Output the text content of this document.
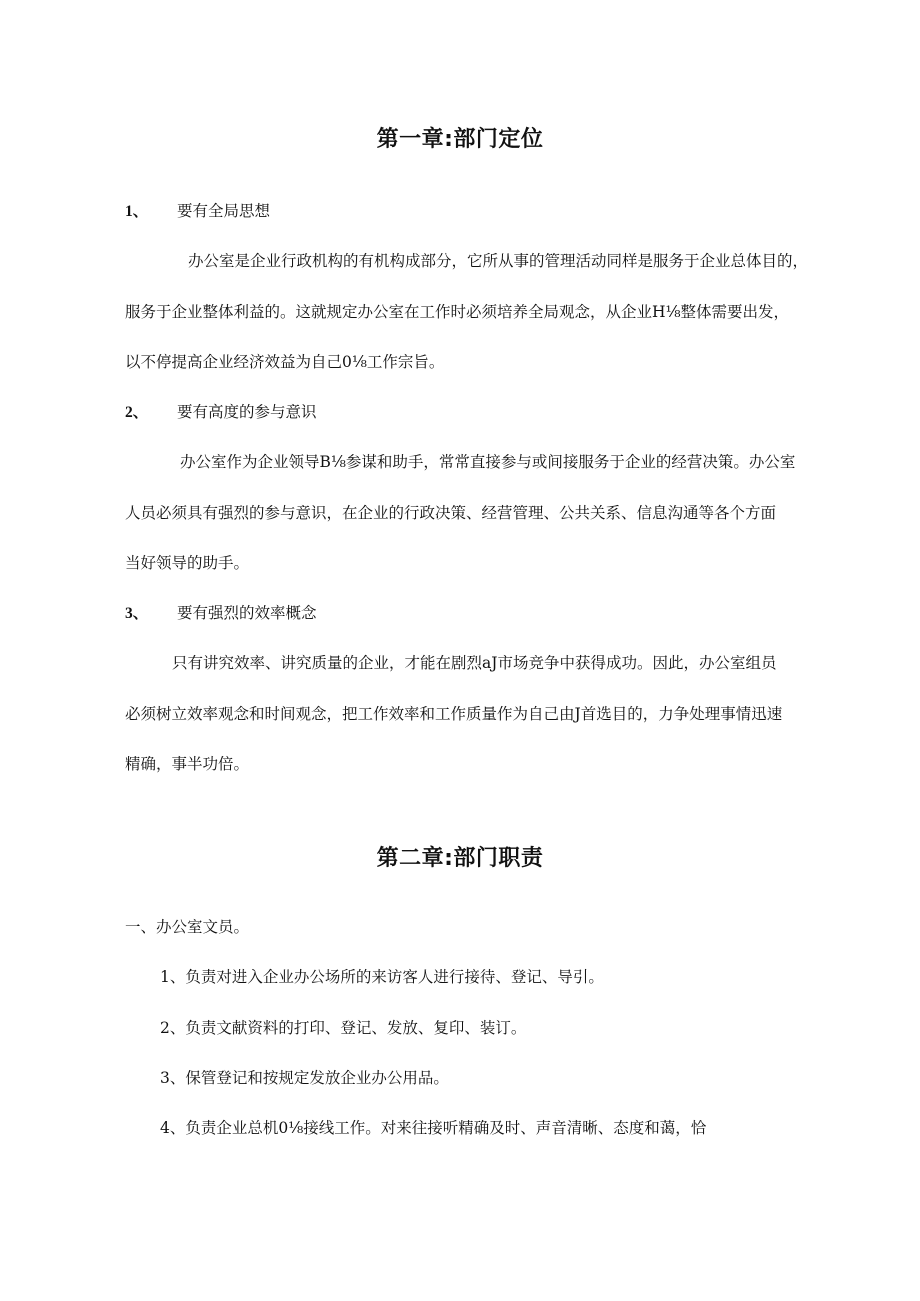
第一章:部门定位
1、 要有全局思想

办公室是企业行政机构的有机构成部分，它所从事的管理活动同样是服务于企业总体目的，

服务于企业整体利益的。这就规定办公室在工作时必须培养全局观念，从企业H⅛整体需要出发，

以不停提高企业经济效益为自己0⅛工作宗旨。

2、 要有高度的参与意识

办公室作为企业领导B⅛参谋和助手，常常直接参与或间接服务于企业的经营决策。办公室

人员必须具有强烈的参与意识，在企业的行政决策、经营管理、公共关系、信息沟通等各个方面

当好领导的助手。

3、 要有强烈的效率概念

只有讲究效率、讲究质量的企业，才能在剧烈aJ市场竞争中获得成功。因此，办公室组员

必须树立效率观念和时间观念，把工作效率和工作质量作为自己由J首选目的，力争处理事情迅速

精确，事半功倍。

第二章:部门职责

一、办公室文员。

1、负责对进入企业办公场所的来访客人进行接待、登记、导引。

2、负责文献资料的打印、登记、发放、复印、装订。

3、保管登记和按规定发放企业办公用品。

4、负责企业总机0⅛接线工作。对来往接听精确及时、声音清晰、态度和蔼，恰
